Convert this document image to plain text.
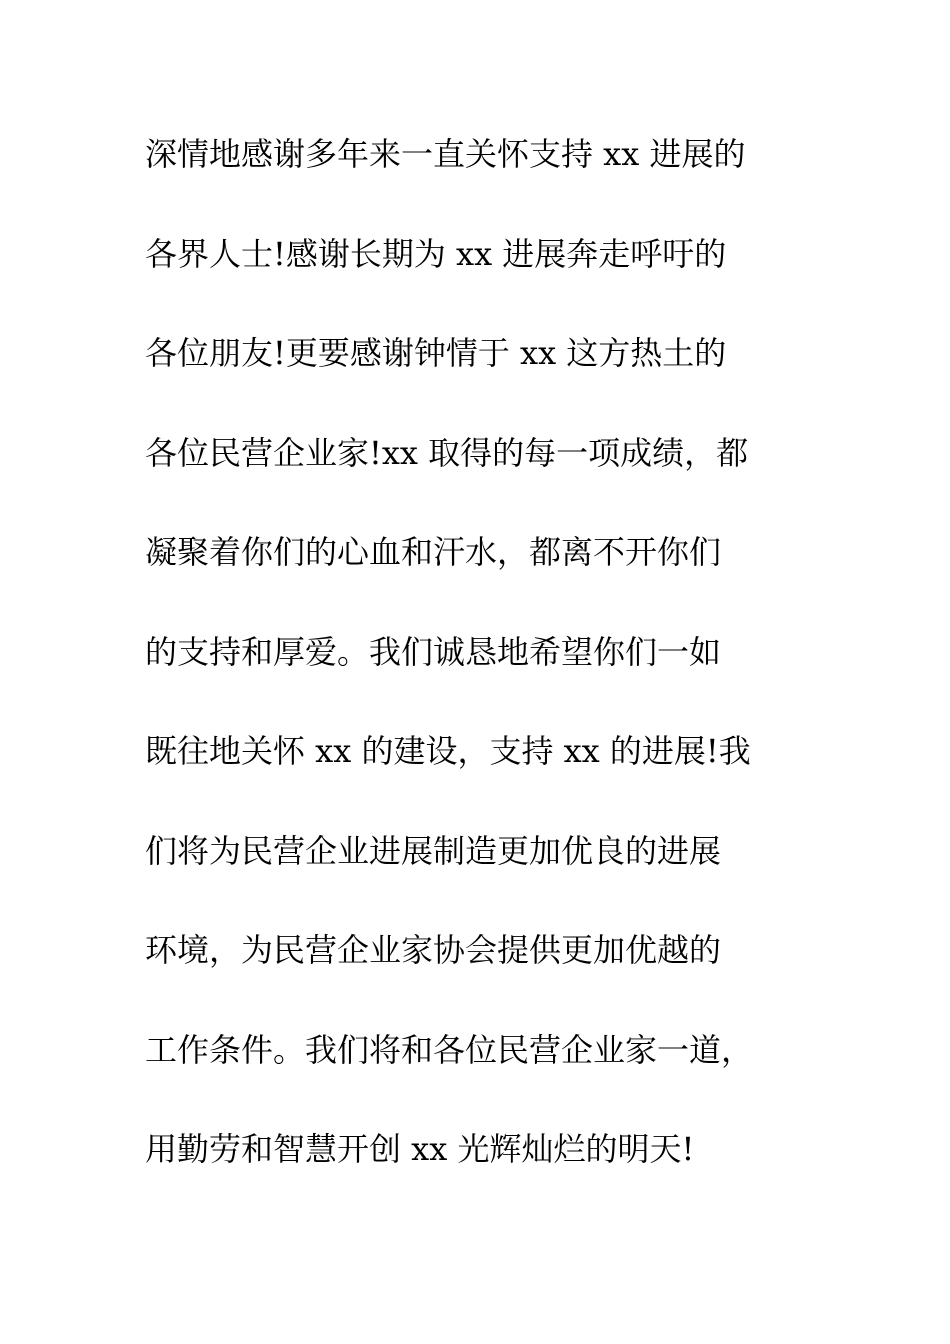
深情地感谢多年来一直关怀支持 xx 进展的
各界人士!感谢长期为 xx 进展奔走呼吁的
各位朋友!更要感谢钟情于 xx 这方热土的
各位民营企业家!xx 取得的每一项成绩，都
凝聚着你们的心血和汗水，都离不开你们
的支持和厚爱。我们诚恳地希望你们一如
既往地关怀 xx 的建设，支持 xx 的进展!我
们将为民营企业进展制造更加优良的进展
环境，为民营企业家协会提供更加优越的
工作条件。我们将和各位民营企业家一道，
用勤劳和智慧开创 xx 光辉灿烂的明天!
